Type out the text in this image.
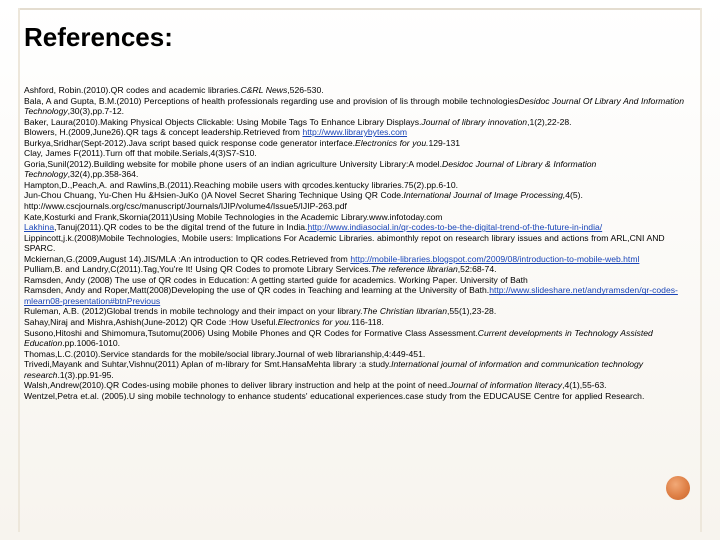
References:

Ashford, Robin.(2010).QR codes and academic libraries.C&RL News,526-530.

Bala, A and Gupta, B.M.(2010) Perceptions of health professionals regarding use and provision of lis through mobile technologiesDesidoc Journal Of Library And Information Technology,30(3),pp.7-12.

Baker, Laura(2010).Making Physical Objects Clickable: Using Mobile Tags To Enhance Library Displays.Journal of library innovation,1(2),22-28.

Blowers, H.(2009,June26).QR tags & concept leadership.Retrieved from http://www.librarybytes.com

Burkya,Sridhar(Sept-2012).Java script based quick response code generator interface.Electronics for you.129-131

Clay, James F(2011).Turn off that mobile.Serials,4(3)S7-S10.

Goria,Sunil(2012).Building website for mobile phone users of an indian agriculture University Library:A model.Desidoc Journal of Library & Information Technology,32(4),pp.358-364.

Hampton,D.,Peach,A. and Rawlins,B.(2011).Reaching mobile users with qrcodes.kentucky libraries.75(2).pp.6-10.

Jun-Chou Chuang, Yu-Chen Hu &Hsien-JuKo ()A Novel Secret Sharing Technique Using QR Code.International Journal of Image Processing,4(5). http://www.cscjournals.org/csc/manuscript/Journals/IJIP/volume4/Issue5/IJIP-263.pdf

Kate,Kosturki and Frank,Skornia(2011)Using Mobile Technologies in the Academic Library.www.infotoday.com

Lakhina,Tanuj(2011).QR codes to be the digital trend of the future in India.http://www.indiasocial.in/qr-codes-to-be-the-digital-trend-of-the-future-in-india/

Lippincott,j.k.(2008)Mobile Technologies, Mobile users: Implications For Academic Libraries. abimonthly repot on research library issues and actions from ARL,CNI AND SPARC.

Mckiernan,G.(2009,August 14).JIS/MLA :An introduction to QR codes.Retrieved from http://mobile-libraries.blogspot.com/2009/08/introduction-to-mobile-web.html

Pulliam,B. and Landry,C(2011).Tag,You're It! Using QR Codes to promote Library Services.The reference librarian,52:68-74.

Ramsden, Andy (2008) The use of QR codes in Education: A getting started guide for academics. Working Paper. University of Bath

Ramsden, Andy and Roper,Matt(2008)Developing the use of QR codes in Teaching and learning at the University of Bath.http://www.slideshare.net/andyramsden/qr-codes-mlearn08-presentation#btnPrevious

Ruleman, A.B. (2012)Global trends in mobile technology and their impact on your library.The Christian librarian,55(1),23-28.

Sahay,Niraj and Mishra,Ashish(June-2012) QR Code :How Useful.Electronics for you.116-118.

Susono,Hitoshi and Shimomura,Tsutomu(2006) Using Mobile Phones and QR Codes for Formative Class Assessment.Current developments in Technology Assisted Education.pp.1006-1010.

Thomas,L.C.(2010).Service standards for the mobile/social library.Journal of web librarianship,4:449-451.

Trivedi,Mayank and Suhtar,Vishnu(2011) Aplan of m-library for Smt.HansaMehta library :a study.International journal of information and communication technology research.1(3).pp.91-95.

Walsh,Andrew(2010).QR Codes-using mobile phones to deliver library instruction and help at the point of need.Journal of information literacy,4(1),55-63.

Wentzel,Petra et.al. (2005).U sing mobile technology to enhance students' educational experiences.case study from the EDUCAUSE Centre for applied Research.
